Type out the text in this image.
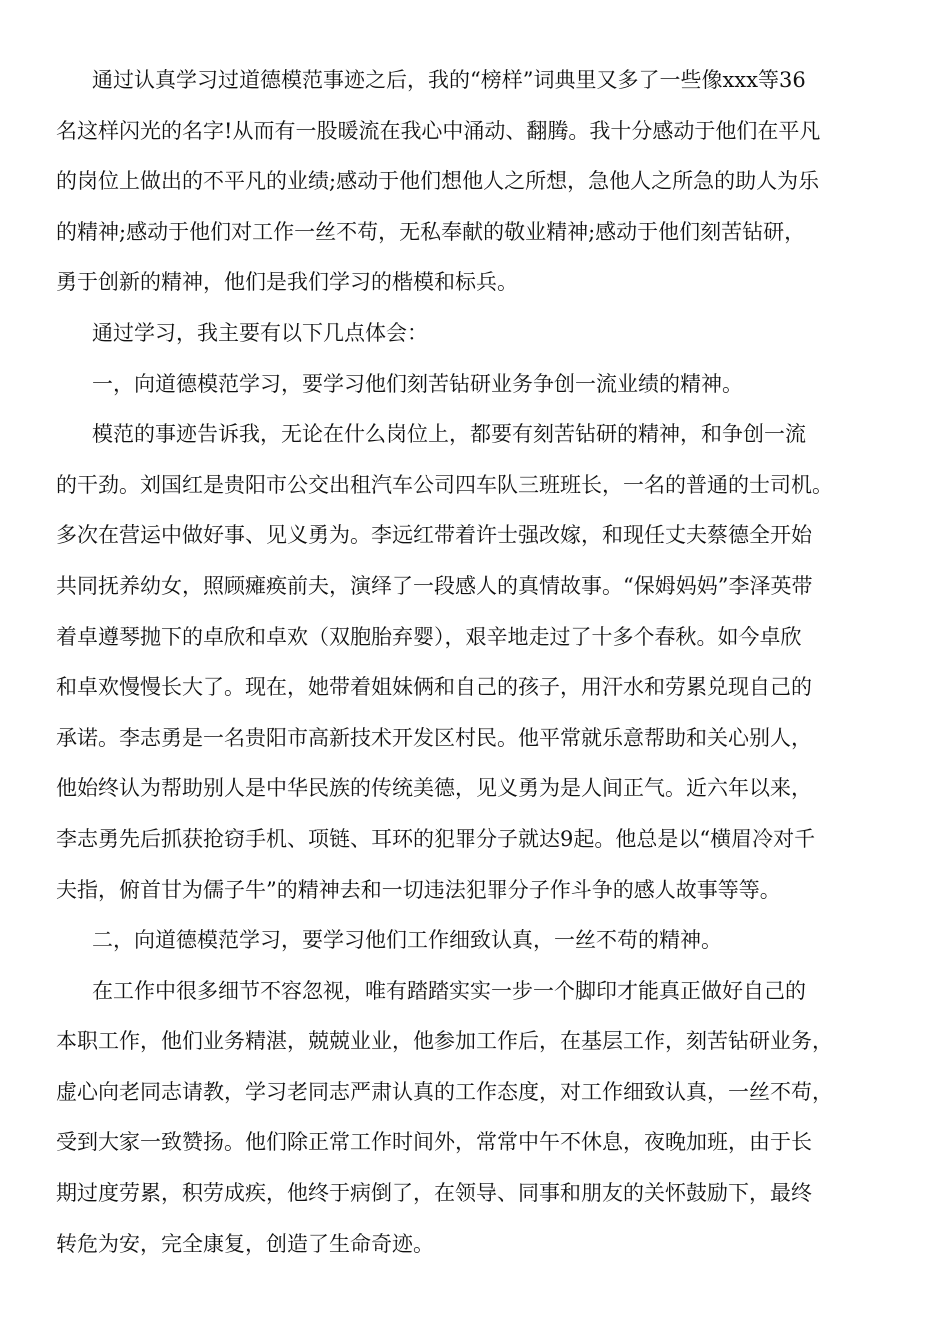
通过认真学习过道德模范事迹之后，我的“榜样”词典里又多了一些像xxx等36
名这样闪光的名字!从而有一股暖流在我心中涌动、翻腾。我十分感动于他们在平凡
的岗位上做出的不平凡的业绩;感动于他们想他人之所想，急他人之所急的助人为乐
的精神;感动于他们对工作一丝不苟，无私奉献的敬业精神;感动于他们刻苦钻研，
勇于创新的精神，他们是我们学习的楷模和标兵。
通过学习，我主要有以下几点体会：
一，向道德模范学习，要学习他们刻苦钻研业务争创一流业绩的精神。
模范的事迹告诉我，无论在什么岗位上，都要有刻苦钻研的精神，和争创一流
的干劲。刘国红是贵阳市公交出租汽车公司四车队三班班长，一名的普通的士司机。
多次在营运中做好事、见义勇为。李远红带着许士强改嫁，和现任丈夫蔡德全开始
共同抚养幼女，照顾瘫痪前夫，演绎了一段感人的真情故事。“保姆妈妈”李泽英带
着卓遵琴抛下的卓欣和卓欢（双胞胎弃婴），艰辛地走过了十多个春秋。如今卓欣
和卓欢慢慢长大了。现在，她带着姐妹俩和自己的孩子，用汗水和劳累兑现自己的
承诺。李志勇是一名贵阳市高新技术开发区村民。他平常就乐意帮助和关心别人，
他始终认为帮助别人是中华民族的传统美德，见义勇为是人间正气。近六年以来，
李志勇先后抓获抢窃手机、项链、耳环的犯罪分子就达9起。他总是以“横眉冷对千
夫指，俯首甘为儒子牛”的精神去和一切违法犯罪分子作斗争的感人故事等等。
二，向道德模范学习，要学习他们工作细致认真，一丝不苟的精神。
在工作中很多细节不容忽视，唯有踏踏实实一步一个脚印才能真正做好自己的
本职工作，他们业务精湛，兢兢业业，他参加工作后，在基层工作，刻苦钻研业务，
虚心向老同志请教，学习老同志严肃认真的工作态度，对工作细致认真，一丝不苟，
受到大家一致赞扬。他们除正常工作时间外，常常中午不休息，夜晚加班，由于长
期过度劳累，积劳成疾，他终于病倒了，在领导、同事和朋友的关怀鼓励下，最终
转危为安，完全康复，创造了生命奇迹。
